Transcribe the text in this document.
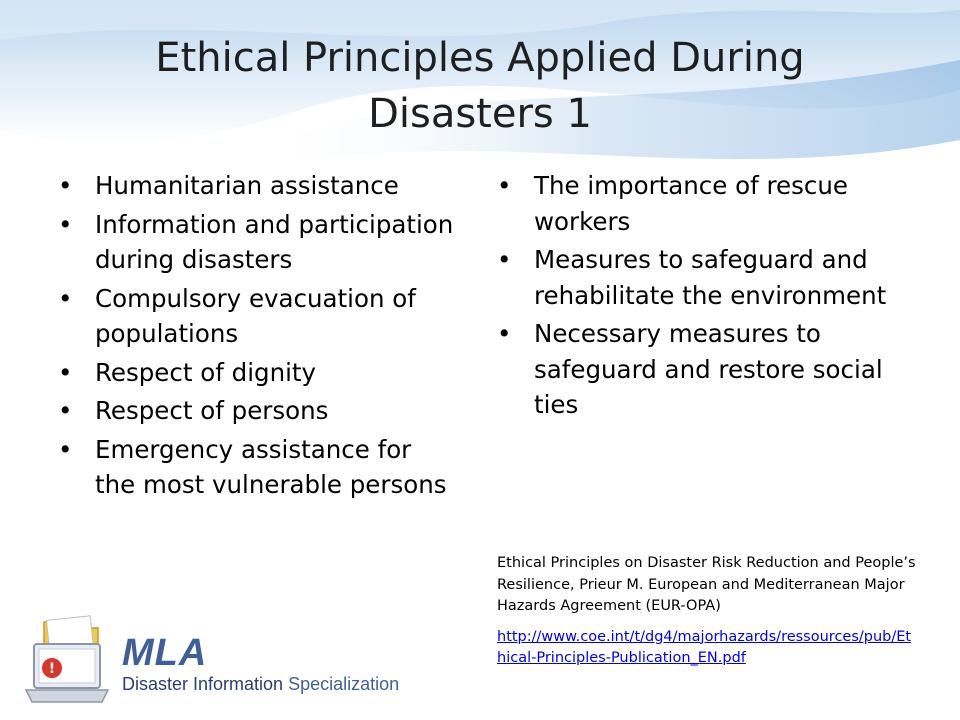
Ethical Principles Applied During
Disasters 1
• Humanitarian assistance
• Information and participation during disasters
• Compulsory evacuation of populations
• Respect of dignity
• Respect of persons
• Emergency assistance for the most vulnerable persons
• The importance of rescue workers
• Measures to safeguard and rehabilitate the environment
• Necessary measures to safeguard and restore social ties

Ethical Principles on Disaster Risk Reduction and People’s Resilience, Prieur M. European and Mediterranean Major Hazards Agreement (EUR-OPA)

http://www.coe.int/t/dg4/majorhazards/ressources/pub/Ethical-Principles-Publication_EN.pdf
! MLA
Disaster Information Specialization
